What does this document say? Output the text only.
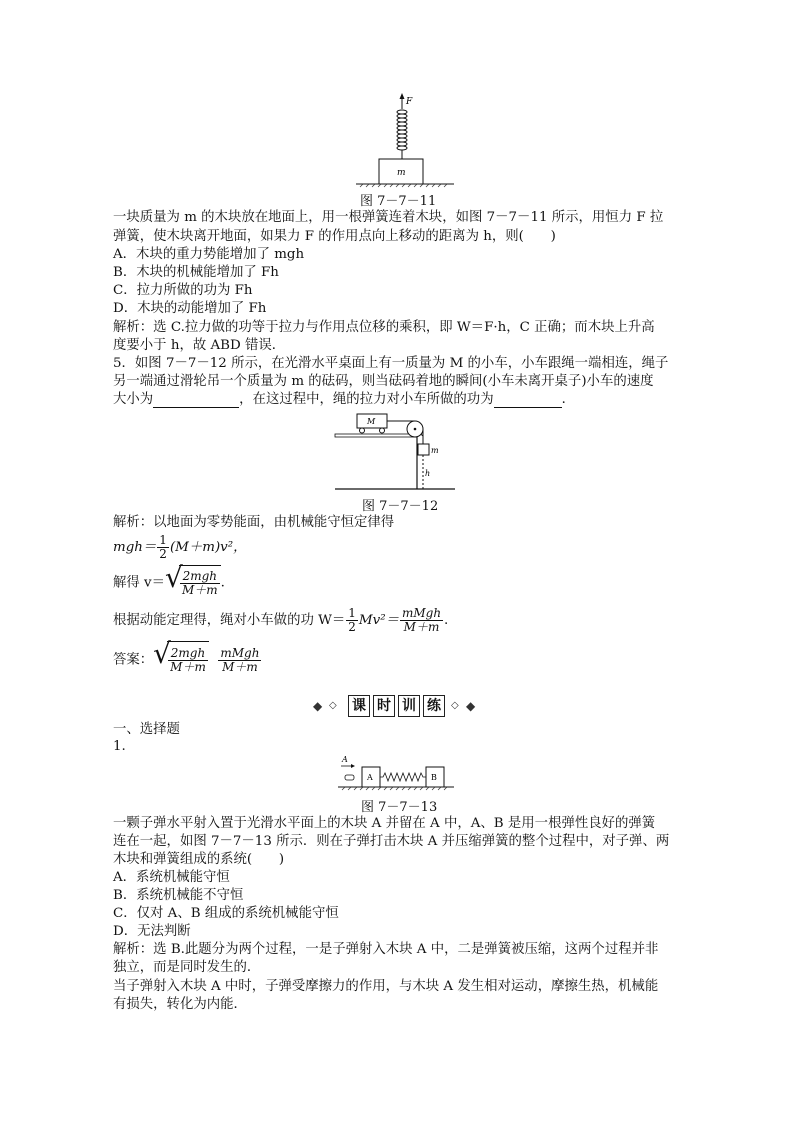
F
m
图 7－7－11
一块质量为 m 的木块放在地面上，用一根弹簧连着木块，如图 7－7－11 所示，用恒力 F 拉
弹簧，使木块离开地面，如果力 F 的作用点向上移动的距离为 h，则(　　)
A．木块的重力势能增加了 mgh
B．木块的机械能增加了 Fh
C．拉力所做的功为 Fh
D．木块的动能增加了 Fh
解析：选 C.拉力做的功等于拉力与作用点位移的乘积，即 W＝F·h，C 正确；而木块上升高
度要小于 h，故 ABD 错误．
5．如图 7－7－12 所示，在光滑水平桌面上有一质量为 M 的小车，小车跟绳一端相连，绳子
另一端通过滑轮吊一个质量为 m 的砝码，则当砝码着地的瞬间(小车未离开桌子)小车的速度
大小为	，在这过程中，绳的拉力对小车所做的功为	．
M
m
h
图 7－7－12
解析：以地面为零势能面，由机械能守恒定律得
$mgh= \frac{1}{2} (M+m)v^2$，
解得 v＝ √
$\frac{\text{2mgh}}{M+m}$ .
根据动能定理得，绳对小车做的功 $W= \frac{1}{2} Mv^2= \frac{\text{mMgh}}{M+m}$ .
答案： √
$\frac{\text{2mgh}}{M+m}$
$\frac{\text{mMgh}}{M+m}$
◆ ◇ 课 时 训 练	◇ ◆
一、选择题
1.
A
A	B
图 7－7－13
一颗子弹水平射入置于光滑水平面上的木块 A 并留在 A 中，A、B 是用一根弹性良好的弹簧
连在一起，如图 7－7－13 所示．则在子弹打击木块 A 并压缩弹簧的整个过程中，对子弹、两
木块和弹簧组成的系统(　　)
A．系统机械能守恒
B．系统机械能不守恒
C．仅对 A、B 组成的系统机械能守恒
D．无法判断
解析：选 B.此题分为两个过程，一是子弹射入木块 A 中，二是弹簧被压缩，这两个过程并非
独立，而是同时发生的．
当子弹射入木块 A 中时，子弹受摩擦力的作用，与木块 A 发生相对运动，摩擦生热，机械能
有损失，转化为内能．
